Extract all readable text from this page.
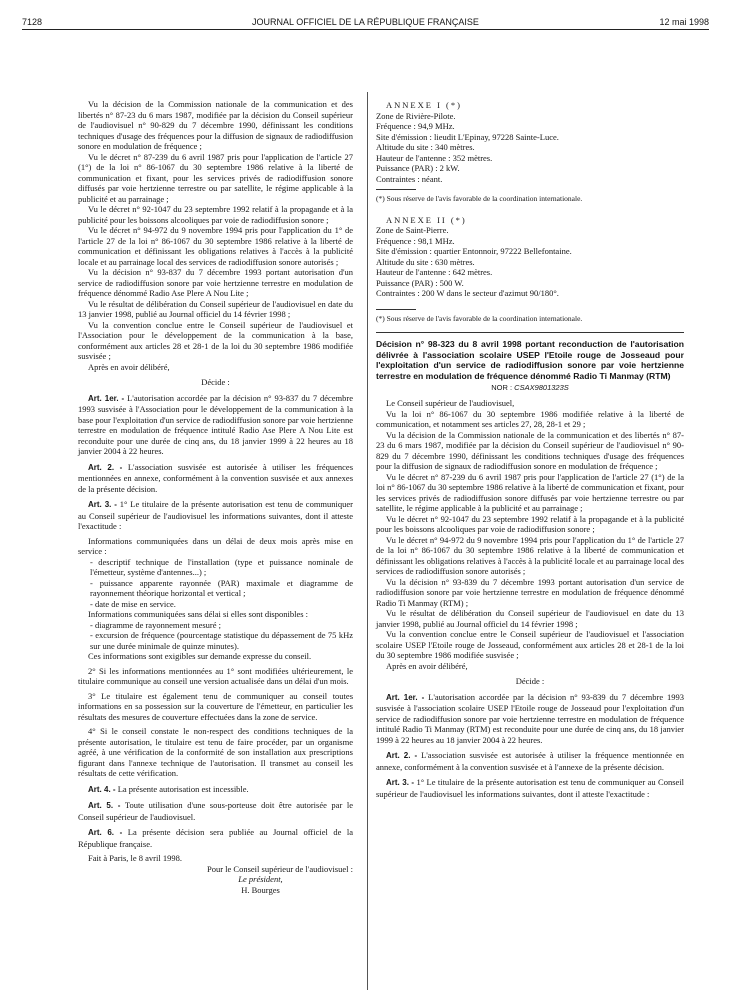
7128	JOURNAL OFFICIEL DE LA RÉPUBLIQUE FRANÇAISE	12 mai 1998

Vu la décision de la Commission nationale de la communication et des libertés n° 87-23 du 6 mars 1987, modifiée par la décision du Conseil supérieur de l'audiovisuel n° 90-829 du 7 décembre 1990, définissant les conditions techniques d'usage des fréquences pour la diffusion de signaux de radiodiffusion sonore en modulation de fréquence ;

Vu le décret n° 87-239 du 6 avril 1987 pris pour l'application de l'article 27 (1°) de la loi n° 86-1067 du 30 septembre 1986 relative à la liberté de communication et fixant, pour les services privés de radiodiffusion sonore diffusés par voie hertzienne terrestre ou par satellite, le régime applicable à la publicité et au parrainage ;

Vu le décret n° 92-1047 du 23 septembre 1992 relatif à la propagande et à la publicité pour les boissons alcooliques par voie de radiodiffusion sonore ;

Vu le décret n° 94-972 du 9 novembre 1994 pris pour l'application du 1° de l'article 27 de la loi n° 86-1067 du 30 septembre 1986 relative à la liberté de communication et définissant les obligations relatives à l'accès à la publicité locale et au parrainage local des services de radiodiffusion sonore autorisés ;

Vu la décision n° 93-837 du 7 décembre 1993 portant autorisation d'un service de radiodiffusion sonore par voie hertzienne terrestre en modulation de fréquence dénommé Radio Ase Plere A Nou Lite ;

Vu le résultat de délibération du Conseil supérieur de l'audiovisuel en date du 13 janvier 1998, publié au Journal officiel du 14 février 1998 ;

Vu la convention conclue entre le Conseil supérieur de l'audiovisuel et l'Association pour le développement de la communication à la base, conformément aux articles 28 et 28-1 de la loi du 30 septembre 1986 modifiée susvisée ;

Après en avoir délibéré,

Décide :

Art. 1er. - L'autorisation accordée par la décision n° 93-837 du 7 décembre 1993 susvisée à l'Association pour le développement de la communication à la base pour l'exploitation d'un service de radiodiffusion sonore par voie hertzienne terrestre en modulation de fréquence intitulé Radio Ase Plere A Nou Lite est reconduite pour une durée de cinq ans, du 18 janvier 1999 à 22 heures au 18 janvier 2004 à 22 heures.

Art. 2. - L'association susvisée est autorisée à utiliser les fréquences mentionnées en annexe, conformément à la convention susvisée et aux annexes de la présente décision.

Art. 3. - 1° Le titulaire de la présente autorisation est tenu de communiquer au Conseil supérieur de l'audiovisuel les informations suivantes, dont il atteste l'exactitude :

Informations communiquées dans un délai de deux mois après mise en service :

- descriptif technique de l'installation (type et puissance nominale de l'émetteur, système d'antennes...) ;

- puissance apparente rayonnée (PAR) maximale et diagramme de rayonnement théorique horizontal et vertical ;

- date de mise en service.

Informations communiquées sans délai si elles sont disponibles :

- diagramme de rayonnement mesuré ;

- excursion de fréquence (pourcentage statistique du dépassement de 75 kHz sur une durée minimale de quinze minutes).

Ces informations sont exigibles sur demande expresse du conseil.

2° Si les informations mentionnées au 1° sont modifiées ultérieurement, le titulaire communique au conseil une version actualisée dans un délai d'un mois.

3° Le titulaire est également tenu de communiquer au conseil toutes informations en sa possession sur la couverture de l'émetteur, en particulier les résultats des mesures de couverture effectuées dans la zone de service.

4° Si le conseil constate le non-respect des conditions techniques de la présente autorisation, le titulaire est tenu de faire procéder, par un organisme agréé, à une vérification de la conformité de son installation aux prescriptions figurant dans l'annexe technique de l'autorisation. Il transmet au conseil les résultats de cette vérification.

Art. 4. - La présente autorisation est incessible.

Art. 5. - Toute utilisation d'une sous-porteuse doit être autorisée par le Conseil supérieur de l'audiovisuel.

Art. 6. - La présente décision sera publiée au Journal officiel de la République française.

Fait à Paris, le 8 avril 1998.

Pour le Conseil supérieur de l'audiovisuel :

Le président,

H. Bourges

ANNEXE I (*)

Zone de Rivière-Pilote.

Fréquence : 94,9 MHz.

Site d'émission : lieudit L'Epinay, 97228 Sainte-Luce.

Altitude du site : 340 mètres.

Hauteur de l'antenne : 352 mètres.

Puissance (PAR) : 2 kW.

Contraintes : néant.

(*) Sous réserve de l'avis favorable de la coordination internationale.

ANNEXE II (*)

Zone de Saint-Pierre.

Fréquence : 98,1 MHz.

Site d'émission : quartier Entonnoir, 97222 Bellefontaine.

Altitude du site : 630 mètres.

Hauteur de l'antenne : 642 mètres.

Puissance (PAR) : 500 W.

Contraintes : 200 W dans le secteur d'azimut 90/180°.

(*) Sous réserve de l'avis favorable de la coordination internationale.

Décision n° 98-323 du 8 avril 1998 portant reconduction de l'autorisation délivrée à l'association scolaire USEP l'Etoile rouge de Josseaud pour l'exploitation d'un service de radiodiffusion sonore par voie hertzienne terrestre en modulation de fréquence dénommé Radio Ti Manmay (RTM)
NOR : CSAX9801323S

Le Conseil supérieur de l'audiovisuel,

Vu la loi n° 86-1067 du 30 septembre 1986 modifiée relative à la liberté de communication, et notamment ses articles 27, 28, 28-1 et 29 ;

Vu la décision de la Commission nationale de la communication et des libertés n° 87-23 du 6 mars 1987, modifiée par la décision du Conseil supérieur de l'audiovisuel n° 90-829 du 7 décembre 1990, définissant les conditions techniques d'usage des fréquences pour la diffusion de signaux de radiodiffusion sonore en modulation de fréquence ;

Vu le décret n° 87-239 du 6 avril 1987 pris pour l'application de l'article 27 (1°) de la loi n° 86-1067 du 30 septembre 1986 relative à la liberté de communication et fixant, pour les services privés de radiodiffusion sonore diffusés par voie hertzienne terrestre ou par satellite, le régime applicable à la publicité et au parrainage ;

Vu le décret n° 92-1047 du 23 septembre 1992 relatif à la propagande et à la publicité pour les boissons alcooliques par voie de radiodiffusion sonore ;

Vu le décret n° 94-972 du 9 novembre 1994 pris pour l'application du 1° de l'article 27 de la loi n° 86-1067 du 30 septembre 1986 relative à la liberté de communication et définissant les obligations relatives à l'accès à la publicité locale et au parrainage local des services de radiodiffusion sonore autorisés ;

Vu la décision n° 93-839 du 7 décembre 1993 portant autorisation d'un service de radiodiffusion sonore par voie hertzienne terrestre en modulation de fréquence dénommé Radio Ti Manmay (RTM) ;

Vu le résultat de délibération du Conseil supérieur de l'audiovisuel en date du 13 janvier 1998, publié au Journal officiel du 14 février 1998 ;

Vu la convention conclue entre le Conseil supérieur de l'audiovisuel et l'association scolaire USEP l'Etoile rouge de Josseaud, conformément aux articles 28 et 28-1 de la loi du 30 septembre 1986 modifiée susvisée ;

Après en avoir délibéré,

Décide :

Art. 1er. - L'autorisation accordée par la décision n° 93-839 du 7 décembre 1993 susvisée à l'association scolaire USEP l'Etoile rouge de Josseaud pour l'exploitation d'un service de radiodiffusion sonore par voie hertzienne terrestre en modulation de fréquence intitulé Radio Ti Manmay (RTM) est reconduite pour une durée de cinq ans, du 18 janvier 1999 à 22 heures au 18 janvier 2004 à 22 heures.

Art. 2. - L'association susvisée est autorisée à utiliser la fréquence mentionnée en annexe, conformément à la convention susvisée et à l'annexe de la présente décision.

Art. 3. - 1° Le titulaire de la présente autorisation est tenu de communiquer au Conseil supérieur de l'audiovisuel les informations suivantes, dont il atteste l'exactitude :
